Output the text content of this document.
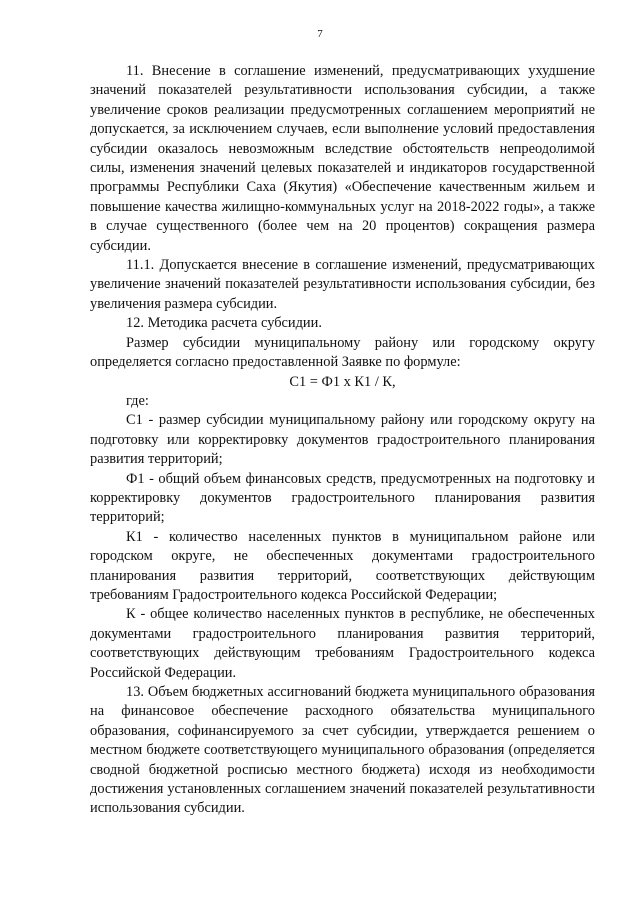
7

11. Внесение в соглашение изменений, предусматривающих ухудшение значений показателей результативности использования субсидии, а также увеличение сроков реализации предусмотренных соглашением мероприятий не допускается, за исключением случаев, если выполнение условий предоставления субсидии оказалось невозможным вследствие обстоятельств непреодолимой силы, изменения значений целевых показателей и индикаторов государственной программы Республики Саха (Якутия) «Обеспечение качественным жильем и повышение качества жилищно-коммунальных услуг на 2018-2022 годы», а также в случае существенного (более чем на 20 процентов) сокращения размера субсидии.

11.1. Допускается внесение в соглашение изменений, предусматривающих увеличение значений показателей результативности использования субсидии, без увеличения размера субсидии.

12. Методика расчета субсидии.

Размер субсидии муниципальному району или городскому округу определяется согласно предоставленной Заявке по формуле:

С1 = Ф1 х К1 / К,

где:

С1 - размер субсидии муниципальному району или городскому округу на подготовку или корректировку документов градостроительного планирования развития территорий;

Ф1 - общий объем финансовых средств, предусмотренных на подготовку и корректировку документов градостроительного планирования развития территорий;

К1 - количество населенных пунктов в муниципальном районе или городском округе, не обеспеченных документами градостроительного планирования развития территорий, соответствующих действующим требованиям Градостроительного кодекса Российской Федерации;

К - общее количество населенных пунктов в республике, не обеспеченных документами градостроительного планирования развития территорий, соответствующих действующим требованиям Градостроительного кодекса Российской Федерации.

13. Объем бюджетных ассигнований бюджета муниципального образования на финансовое обеспечение расходного обязательства муниципального образования, софинансируемого за счет субсидии, утверждается решением о местном бюджете соответствующего муниципального образования (определяется сводной бюджетной росписью местного бюджета) исходя из необходимости достижения установленных соглашением значений показателей результативности использования субсидии.
